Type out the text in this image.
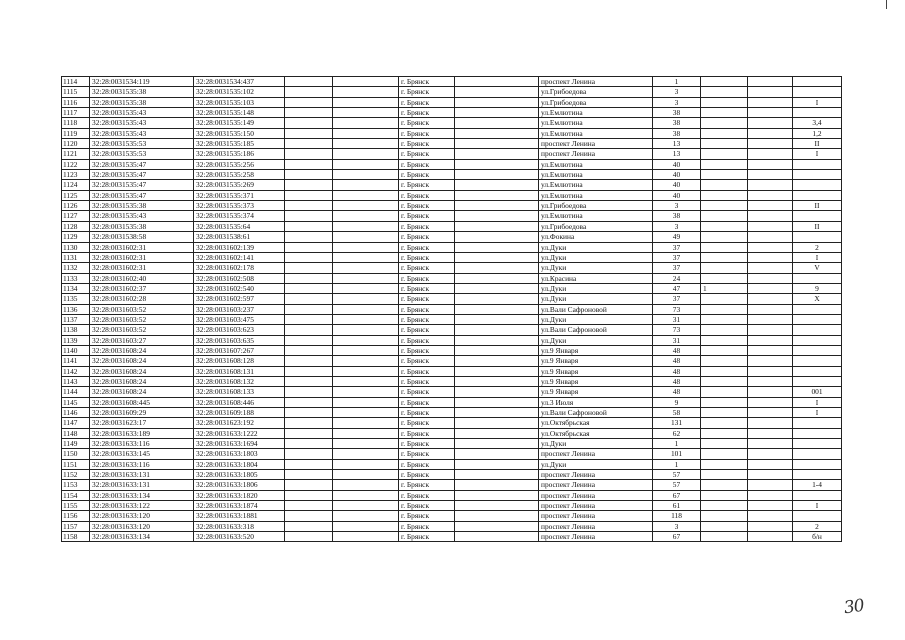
1114	32:28:0031534:119	32:28:0031534:437			г. Брянск		проспект Ленина	1			
1115	32:28:0031535:38	32:28:0031535:102			г. Брянск		ул.Грибоедова	3			
1116	32:28:0031535:38	32:28:0031535:103			г. Брянск		ул.Грибоедова	3			I
1117	32:28:0031535:43	32:28:0031535:148			г. Брянск		ул.Емлютина	38			
1118	32:28:0031535:43	32:28:0031535:149			г. Брянск		ул.Емлютина	38			3,4
1119	32:28:0031535:43	32:28:0031535:150			г. Брянск		ул.Емлютина	38			1,2
1120	32:28:0031535:53	32:28:0031535:185			г. Брянск		проспект Ленина	13			II
1121	32:28:0031535:53	32:28:0031535:186			г. Брянск		проспект Ленина	13			I
1122	32:28:0031535:47	32:28:0031535:256			г. Брянск		ул.Емлютина	40			
1123	32:28:0031535:47	32:28:0031535:258			г. Брянск		ул.Емлютина	40			
1124	32:28:0031535:47	32:28:0031535:269			г. Брянск		ул.Емлютина	40			
1125	32:28:0031535:47	32:28:0031535:371			г. Брянск		ул.Емлютина	40			
1126	32:28:0031535:38	32:28:0031535:373			г. Брянск		ул.Грибоедова	3			II
1127	32:28:0031535:43	32:28:0031535:374			г. Брянск		ул.Емлютина	38			
1128	32:28:0031535:38	32:28:0031535:64			г. Брянск		ул.Грибоедова	3			II
1129	32:28:0031538:58	32:28:0031538:61			г. Брянск		ул.Фокина	49			
1130	32:28:0031602:31	32:28:0031602:139			г. Брянск		ул.Дуки	37			2
1131	32:28:0031602:31	32:28:0031602:141			г. Брянск		ул.Дуки	37			I
1132	32:28:0031602:31	32:28:0031602:178			г. Брянск		ул.Дуки	37			V
1133	32:28:0031602:40	32:28:0031602:508			г. Брянск		ул.Красина	24			
1134	32:28:0031602:37	32:28:0031602:540			г. Брянск		ул.Дуки	47	1		9
1135	32:28:0031602:28	32:28:0031602:597			г. Брянск		ул.Дуки	37			X
1136	32:28:0031603:52	32:28:0031603:237			г. Брянск		ул.Вали Сафроновой	73			
1137	32:28:0031603:52	32:28:0031603:475			г. Брянск		ул.Дуки	31			
1138	32:28:0031603:52	32:28:0031603:623			г. Брянск		ул.Вали Сафроновой	73			
1139	32:28:0031603:27	32:28:0031603:635			г. Брянск		ул.Дуки	31			
1140	32:28:0031608:24	32:28:0031607:267			г. Брянск		ул.9 Января	48			
1141	32:28:0031608:24	32:28:0031608:128			г. Брянск		ул.9 Января	48			
1142	32:28:0031608:24	32:28:0031608:131			г. Брянск		ул.9 Января	48			
1143	32:28:0031608:24	32:28:0031608:132			г. Брянск		ул.9 Января	48			
1144	32:28:0031608:24	32:28:0031608:133			г. Брянск		ул.9 Января	48			001
1145	32:28:0031608:445	32:28:0031608:446			г. Брянск		ул.3 Июля	9			I
1146	32:28:0031609:29	32:28:0031609:188			г. Брянск		ул.Вали Сафроновой	58			I
1147	32:28:0031623:17	32:28:0031623:192			г. Брянск		ул.Октябрьская	131			
1148	32:28:0031633:189	32:28:0031633:1222			г. Брянск		ул.Октябрьская	62			
1149	32:28:0031633:116	32:28:0031633:1694			г. Брянск		ул.Дуки	1			
1150	32:28:0031633:145	32:28:0031633:1803			г. Брянск		проспект Ленина	101			
1151	32:28:0031633:116	32:28:0031633:1804			г. Брянск		ул.Дуки	1			
1152	32:28:0031633:131	32:28:0031633:1805			г. Брянск		проспект Ленина	57			
1153	32:28:0031633:131	32:28:0031633:1806			г. Брянск		проспект Ленина	57			1-4
1154	32:28:0031633:134	32:28:0031633:1820			г. Брянск		проспект Ленина	67			
1155	32:28:0031633:122	32:28:0031633:1874			г. Брянск		проспект Ленина	61			I
1156	32:28:0031633:120	32:28:0031633:1881			г. Брянск		проспект Ленина	118			
1157	32:28:0031633:120	32:28:0031633:318			г. Брянск		проспект Ленина	3			2
1158	32:28:0031633:134	32:28:0031633:520			г. Брянск		проспект Ленина	67			б/н
30
